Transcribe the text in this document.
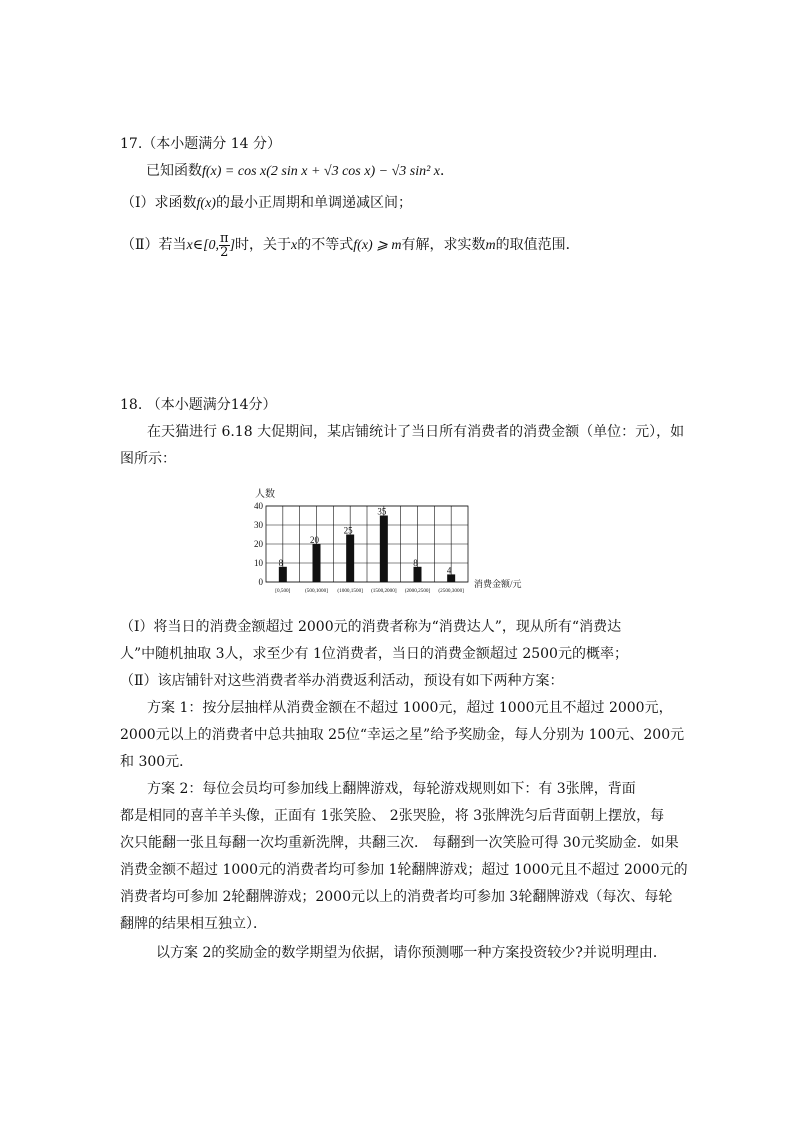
17.（本小题满分 14 分）
已知函数f(x) = cos x(2 sin x + √3 cos x) − √3 sin² x．
（Ⅰ）求函数f(x)的最小正周期和单调递减区间；
（Ⅱ）若当x∈[0, $\frac{\pi}{2}$ ]时，关于x的不等式f(x) ⩾ m有解，求实数m的取值范围．
18. （本小题满分14分）
在天猫进行 6.18 大促期间，某店铺统计了当日所有消费者的消费金额（单位：元），如
图所示：
人数
0
10
20
30
40
8
[0,500]
20
(500,1000]
25
(1000,1500]
35
(1500,2000]
8
(2000,2500]
4
(2500,3000]
消费金额/元
（Ⅰ）将当日的消费金额超过 2000元的消费者称为“消费达人”，现从所有“消费达
人”中随机抽取 3人，求至少有 1位消费者，当日的消费金额超过 2500元的概率；
（Ⅱ）该店铺针对这些消费者举办消费返利活动，预设有如下两种方案：
方案 1：按分层抽样从消费金额在不超过 1000元，超过 1000元且不超过 2000元，
2000元以上的消费者中总共抽取 25位“幸运之星”给予奖励金，每人分别为 100元、200元
和 300元．
方案 2：每位会员均可参加线上翻牌游戏，每轮游戏规则如下：有 3张牌，背面
都是相同的喜羊羊头像，正面有 1张笑脸、 2张哭脸，将 3张牌洗匀后背面朝上摆放，每
次只能翻一张且每翻一次均重新洗牌，共翻三次． 每翻到一次笑脸可得 30元奖励金．如果
消费金额不超过 1000元的消费者均可参加 1轮翻牌游戏；超过 1000元且不超过 2000元的
消费者均可参加 2轮翻牌游戏；2000元以上的消费者均可参加 3轮翻牌游戏（每次、每轮
翻牌的结果相互独立）．
以方案 2的奖励金的数学期望为依据，请你预测哪一种方案投资较少?并说明理由．
